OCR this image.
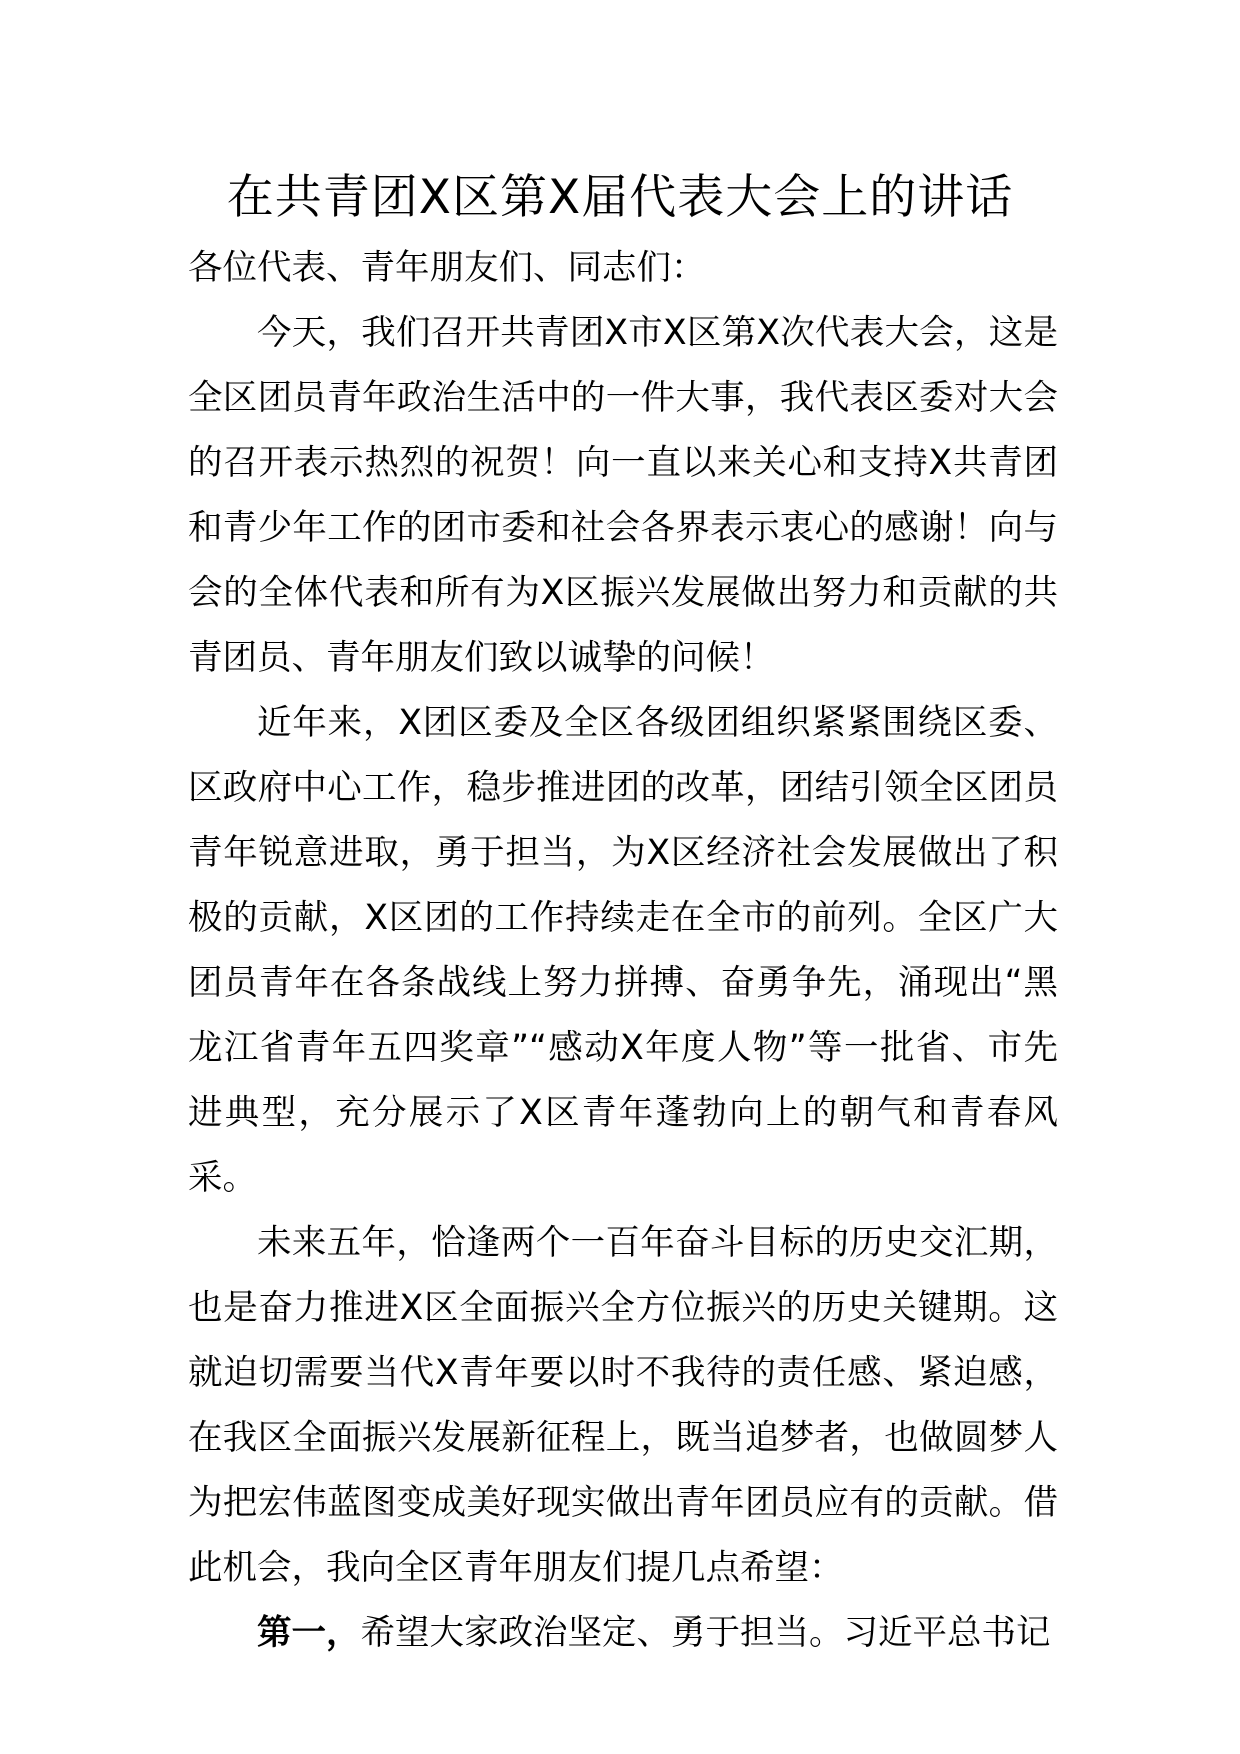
在共青团X区第X届代表大会上的讲话

各位代表、青年朋友们、同志们：

今天，我们召开共青团X市X区第X次代表大会，这是全区团员青年政治生活中的一件大事，我代表区委对大会的召开表示热烈的祝贺！向一直以来关心和支持X共青团和青少年工作的团市委和社会各界表示衷心的感谢！向与会的全体代表和所有为X区振兴发展做出努力和贡献的共青团员、青年朋友们致以诚挚的问候！

近年来，X团区委及全区各级团组织紧紧围绕区委、区政府中心工作，稳步推进团的改革，团结引领全区团员青年锐意进取，勇于担当，为X区经济社会发展做出了积极的贡献，X区团的工作持续走在全市的前列。全区广大团员青年在各条战线上努力拼搏、奋勇争先，涌现出“黑龙江省青年五四奖章”“感动X年度人物”等一批省、市先进典型，充分展示了X区青年蓬勃向上的朝气和青春风采。

未来五年，恰逢两个一百年奋斗目标的历史交汇期，也是奋力推进X区全面振兴全方位振兴的历史关键期。这就迫切需要当代X青年要以时不我待的责任感、紧迫感，在我区全面振兴发展新征程上，既当追梦者，也做圆梦人为把宏伟蓝图变成美好现实做出青年团员应有的贡献。借此机会，我向全区青年朋友们提几点希望：

第一，希望大家政治坚定、勇于担当。习近平总书记
